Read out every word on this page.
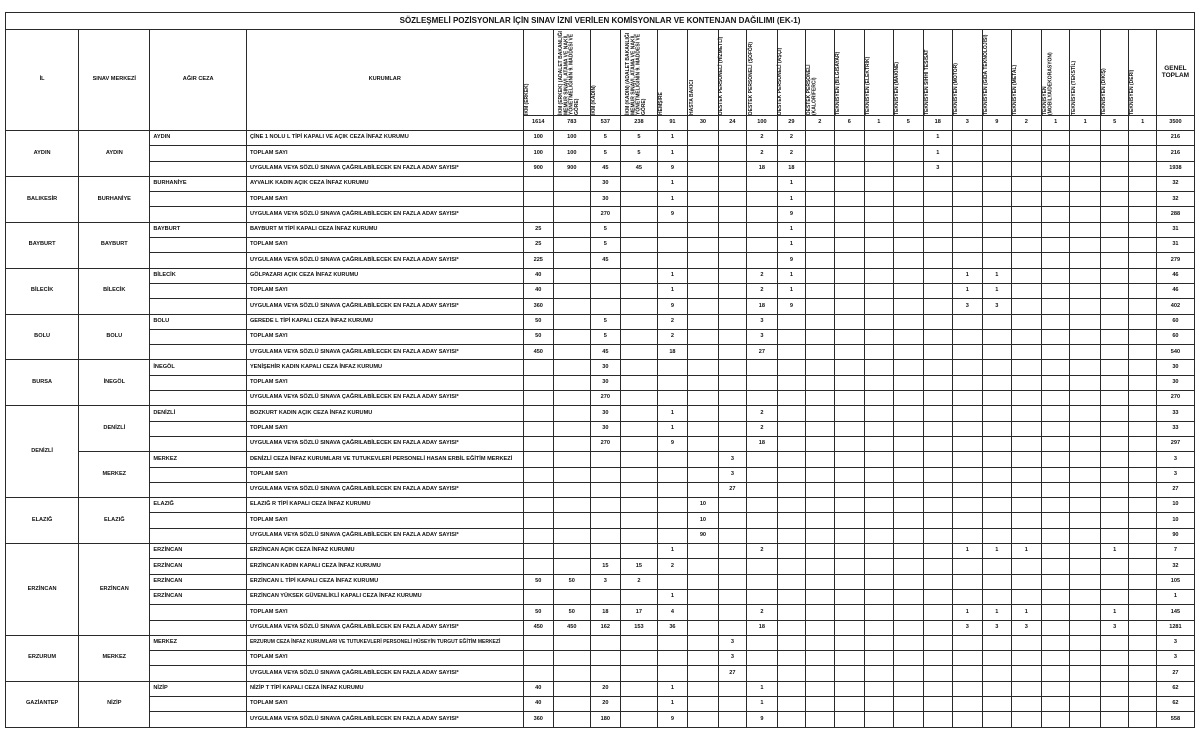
SÖZLEŞMELİ POZİSYONLAR İÇİN SINAV İZNİ VERİLEN KOMİSYONLAR VE KONTENJAN DAĞILIMI (EK-1)																									
İL	SINAV MERKEZİ	AĞIR CEZA	KURUMLAR	İKM (ERKEK)	İKM (ERKEK) (ADALET BAKANLIĞI MEMUR SINAVI, ATAMA VE NAKİL YÖNETMELİĞİNİN 9. MADDESİ VE GÖRE)	İKM (KADIN)	İKM (KADIN) (ADALET BAKANLIĞI MEMUR SINAVI, ATAMA VE NAKİL YÖNETMELİĞİNİN 9. MADDESİ VE GÖRE)	HEMŞİRE	HASTA BAKICI	DESTEK PERSONELİ (HİZMETLİ)	DESTEK PERSONELİ (ŞOFÖR)	DESTEK PERSONELİ (AŞÇI)	DESTEK PERSONELİ (KALORİFERCİ)	TEKNİSYEN (BİLGİSAYAR)	TEKNİSYEN (ELEKTRİK)	TEKNİSYEN (MAKİNE)	TEKNİSYEN SIHHİ TESİSAT	TEKNİSYEN (MOTOR)	TEKNİSYEN (GIDA TEKNOLOJİSİ)	TEKNİSYEN (METAL)	TEKNİSYEN (MOBİLYA/DEKORASYON)	TEKNİSYEN (TEKSTİL)	TEKNİSYEN (DİKİŞ)	TEKNİSYEN (DERİ)	GENEL TOPLAM
				1614	783	537	238	91	30	24	100	29	2	6	1	5	18	3	9	2	1	1	5	1	3500
AYDIN	AYDIN	AYDIN	ÇİNE 1 NOLU L TİPİ KAPALI VE AÇIK CEZA İNFAZ KURUMU	100	100	5	5	1			2	2					1								216
			TOPLAM SAYI	100	100	5	5	1			2	2					1								216
			UYGULAMA VEYA SÖZLÜ SINAVA ÇAĞRILABİLECEK EN FAZLA ADAY SAYISI*	900	900	45	45	9			18	18					3								1938
BALIKESİR	BURHANİYE	BURHANİYE	AYVALIK KADIN AÇIK CEZA İNFAZ KURUMU			30		1				1													32
			TOPLAM SAYI			30		1				1													32
			UYGULAMA VEYA SÖZLÜ SINAVA ÇAĞRILABİLECEK EN FAZLA ADAY SAYISI*			270		9				9													288
BAYBURT	BAYBURT	BAYBURT	BAYBURT M TİPİ KAPALI CEZA İNFAZ KURUMU	25		5						1													31
			TOPLAM SAYI	25		5						1													31
			UYGULAMA VEYA SÖZLÜ SINAVA ÇAĞRILABİLECEK EN FAZLA ADAY SAYISI*	225		45						9													279
BİLECİK	BİLECİK	BİLECİK	GÖLPAZARI AÇIK CEZA İNFAZ KURUMU	40				1			2	1						1	1						46
			TOPLAM SAYI	40				1			2	1						1	1						46
			UYGULAMA VEYA SÖZLÜ SINAVA ÇAĞRILABİLECEK EN FAZLA ADAY SAYISI*	360				9			18	9						3	3						402
BOLU	BOLU	BOLU	GEREDE L TİPİ KAPALI CEZA İNFAZ KURUMU	50		5		2			3														60
			TOPLAM SAYI	50		5		2			3														60
			UYGULAMA VEYA SÖZLÜ SINAVA ÇAĞRILABİLECEK EN FAZLA ADAY SAYISI*	450		45		18			27														540
BURSA	İNEGÖL	İNEGÖL	YENİŞEHİR KADIN KAPALI CEZA İNFAZ KURUMU			30																			30
			TOPLAM SAYI			30																			30
			UYGULAMA VEYA SÖZLÜ SINAVA ÇAĞRILABİLECEK EN FAZLA ADAY SAYISI*			270																			270
DENİZLİ	DENİZLİ	DENİZLİ	BOZKURT KADIN AÇIK CEZA İNFAZ KURUMU			30		1			2														33
			TOPLAM SAYI			30		1			2														33
			UYGULAMA VEYA SÖZLÜ SINAVA ÇAĞRILABİLECEK EN FAZLA ADAY SAYISI*			270		9			18														297
	MERKEZ	MERKEZ	DENİZLİ CEZA İNFAZ KURUMLARI VE TUTUKEVLERİ PERSONELİ HASAN ERBİL EĞİTİM MERKEZİ							3															3
			TOPLAM SAYI							3															3
			UYGULAMA VEYA SÖZLÜ SINAVA ÇAĞRILABİLECEK EN FAZLA ADAY SAYISI*							27															27
ELAZIĞ	ELAZIĞ	ELAZIĞ	ELAZIĞ R TİPİ KAPALI CEZA İNFAZ KURUMU						10																10
			TOPLAM SAYI						10																10
			UYGULAMA VEYA SÖZLÜ SINAVA ÇAĞRILABİLECEK EN FAZLA ADAY SAYISI*						90																90
ERZİNCAN	ERZİNCAN	ERZİNCAN	ERZİNCAN AÇIK CEZA İNFAZ KURUMU					1			2							1	1	1			1		7
		ERZİNCAN	ERZİNCAN KADIN KAPALI CEZA İNFAZ KURUMU			15	15	2																	32
		ERZİNCAN	ERZİNCAN L TİPİ KAPALI CEZA İNFAZ KURUMU	50	50	3	2																		105
		ERZİNCAN	ERZİNCAN YÜKSEK GÜVENLİKLİ KAPALI CEZA İNFAZ KURUMU					1																	1
			TOPLAM SAYI	50	50	18	17	4			2							1	1	1			1		145
			UYGULAMA VEYA SÖZLÜ SINAVA ÇAĞRILABİLECEK EN FAZLA ADAY SAYISI*	450	450	162	153	36			18							3	3	3			3		1281
ERZURUM	MERKEZ	MERKEZ	ERZURUM CEZA İNFAZ KURUMLARI VE TUTUKEVLERİ PERSONELİ HÜSEYİN TURGUT EĞİTİM MERKEZİ							3															3
			TOPLAM SAYI							3															3
			UYGULAMA VEYA SÖZLÜ SINAVA ÇAĞRILABİLECEK EN FAZLA ADAY SAYISI*							27															27
GAZİANTEP	NİZİP	NİZİP	NİZİP T TİPİ KAPALI CEZA İNFAZ KURUMU	40		20		1			1														62
			TOPLAM SAYI	40		20		1			1														62
			UYGULAMA VEYA SÖZLÜ SINAVA ÇAĞRILABİLECEK EN FAZLA ADAY SAYISI*	360		180		9			9														558
